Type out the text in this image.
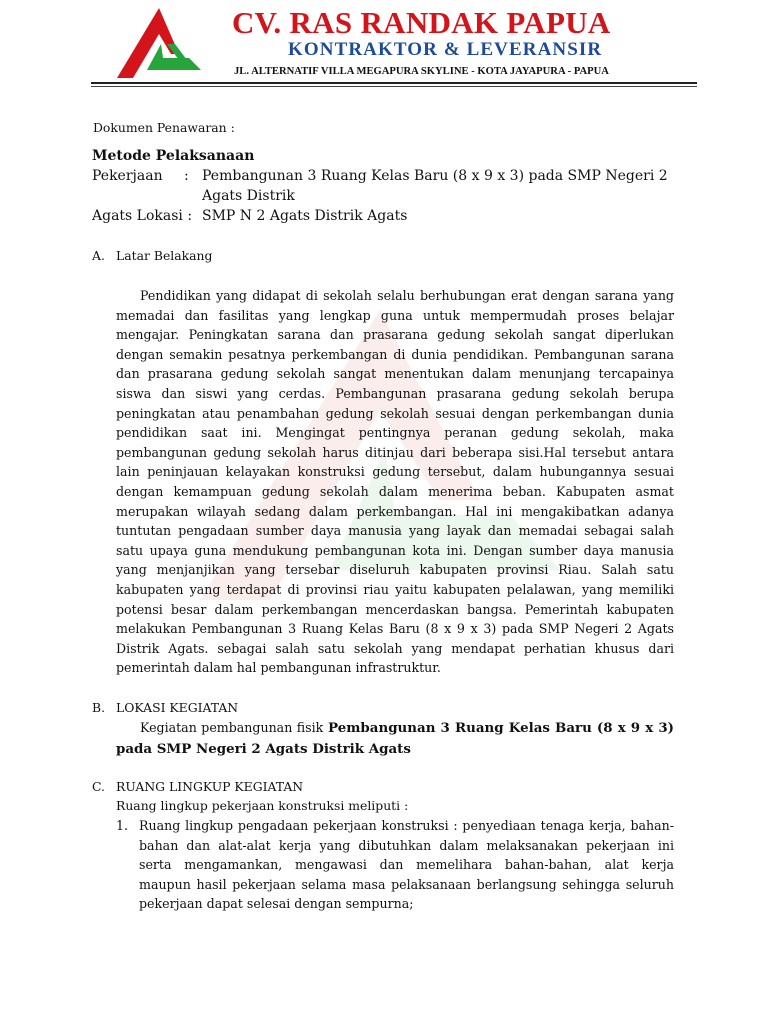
CV. RAS RANDAK PAPUA
KONTRAKTOR & LEVERANSIR
JL. ALTERNATIF VILLA MEGAPURA SKYLINE - KOTA JAYAPURA - PAPUA
Dokumen Penawaran :
Metode Pelaksanaan
Pekerjaan : Pembangunan 3 Ruang Kelas Baru (8 x 9 x 3) pada SMP Negeri 2
Agats Distrik
Agats Lokasi : SMP N 2 Agats Distrik Agats
A. Latar Belakang
Pendidikan yang didapat di sekolah selalu berhubungan erat dengan sarana yang
memadai dan fasilitas yang lengkap guna untuk mempermudah proses belajar
mengajar. Peningkatan sarana dan prasarana gedung sekolah sangat diperlukan
dengan semakin pesatnya perkembangan di dunia pendidikan. Pembangunan sarana
dan prasarana gedung sekolah sangat menentukan dalam menunjang tercapainya
siswa dan siswi yang cerdas. Pembangunan prasarana gedung sekolah berupa
peningkatan atau penambahan gedung sekolah sesuai dengan perkembangan dunia
pendidikan saat ini. Mengingat pentingnya peranan gedung sekolah, maka
pembangunan gedung sekolah harus ditinjau dari beberapa sisi.Hal tersebut antara
lain peninjauan kelayakan konstruksi gedung tersebut, dalam hubungannya sesuai
dengan kemampuan gedung sekolah dalam menerima beban. Kabupaten asmat
merupakan wilayah sedang dalam perkembangan. Hal ini mengakibatkan adanya
tuntutan pengadaan sumber daya manusia yang layak dan memadai sebagai salah
satu upaya guna mendukung pembangunan kota ini. Dengan sumber daya manusia
yang menjanjikan yang tersebar diseluruh kabupaten provinsi Riau. Salah satu
kabupaten yang terdapat di provinsi riau yaitu kabupaten pelalawan, yang memiliki
potensi besar dalam perkembangan mencerdaskan bangsa. Pemerintah kabupaten
melakukan Pembangunan 3 Ruang Kelas Baru (8 x 9 x 3) pada SMP Negeri 2 Agats
Distrik Agats. sebagai salah satu sekolah yang mendapat perhatian khusus dari
pemerintah dalam hal pembangunan infrastruktur.
B. LOKASI KEGIATAN
Kegiatan pembangunan fisik Pembangunan 3 Ruang Kelas Baru (8 x 9 x 3)
pada SMP Negeri 2 Agats Distrik Agats
C. RUANG LINGKUP KEGIATAN
Ruang lingkup pekerjaan konstruksi meliputi :
1. Ruang lingkup pengadaan pekerjaan konstruksi : penyediaan tenaga kerja, bahan-
bahan dan alat-alat kerja yang dibutuhkan dalam melaksanakan pekerjaan ini
serta mengamankan, mengawasi dan memelihara bahan-bahan, alat kerja
maupun hasil pekerjaan selama masa pelaksanaan berlangsung sehingga seluruh
pekerjaan dapat selesai dengan sempurna;
